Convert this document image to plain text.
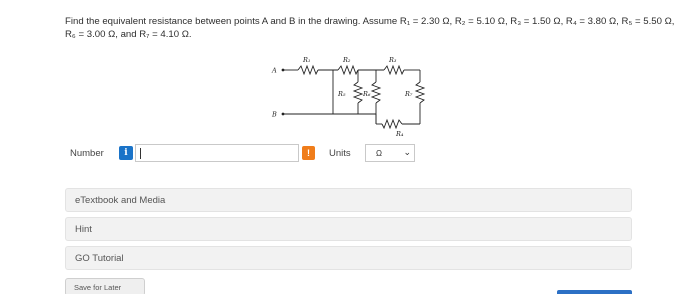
Find the equivalent resistance between points A and B in the drawing. Assume R₁ = 2.30 Ω, R₂ = 5.10 Ω, R₃ = 1.50 Ω, R₄ = 3.80 Ω, R₅ = 5.50 Ω, R₆ = 3.00 Ω, and R₇ = 4.10 Ω.
A
B
R₁	R₂	R₃
R₅	R₆	R₇
R₄
Number	i	!	Units	Ω ⌄
eTextbook and Media
Hint
GO Tutorial
Save for Later
